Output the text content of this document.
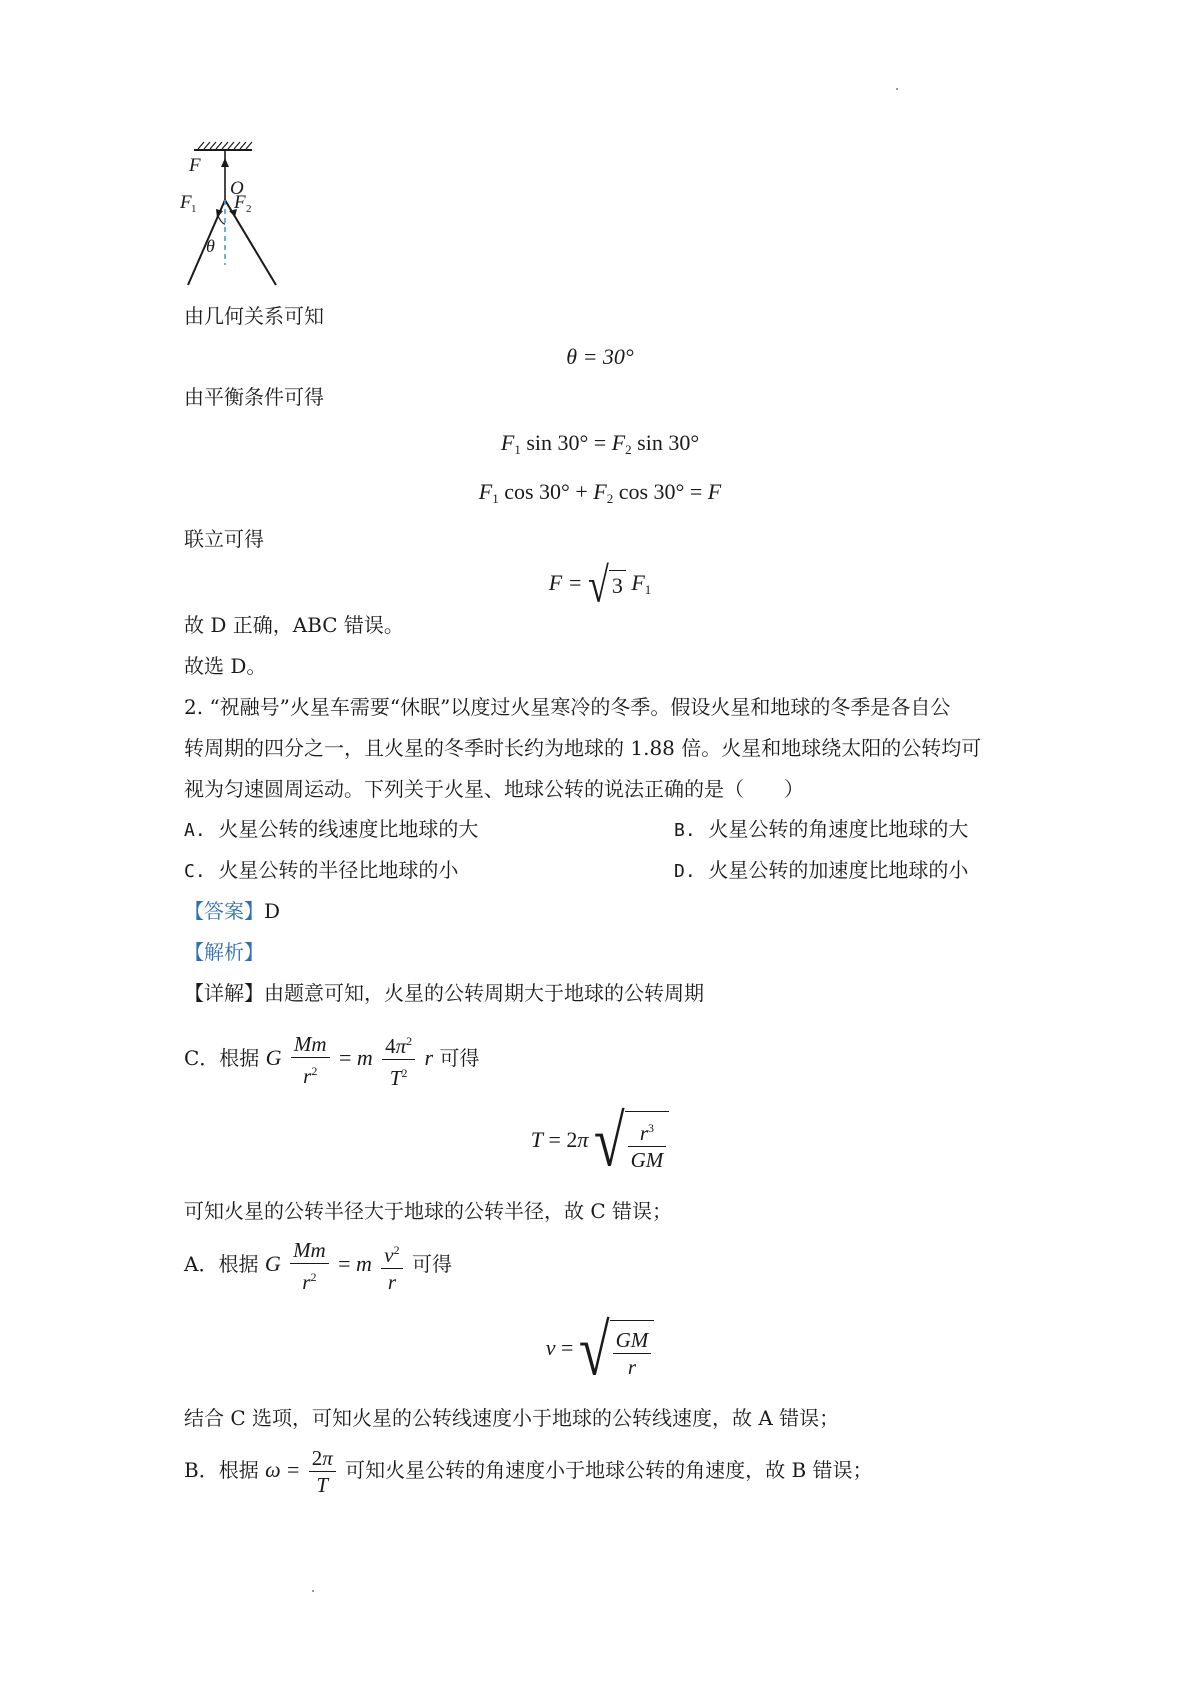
F
O
F 1 F 2
θ
由几何关系可知
θ = 30°
由平衡条件可得
$F_1$ $\sin 30^\circ = F_2$ sin 30°
$F_1$ $\cos 30^\circ + F_2$ cos 30° = F
联立可得
F = √ 3 $F_1$
故 D 正确，ABC 错误。
故选 D。
2. “祝融号”火星车需要“休眠”以度过火星寒冷的冬季。假设火星和地球的冬季是各自公
转周期的四分之一，且火星的冬季时长约为地球的 1.88 倍。火星和地球绕太阳的公转均可
视为匀速圆周运动。下列关于火星、地球公转的说法正确的是（　　）
A. 火星公转的线速度比地球的大	B. 火星公转的角速度比地球的大
C. 火星公转的半径比地球的小	D. 火星公转的加速度比地球的小
【答案】D
【解析】
【详解】由题意可知，火星的公转周期大于地球的公转周期
C．根据 G $\frac{Mm}{r^2} = m \frac{4\pi^2}{T^2}$ r 可得
T = 2π √ $\frac{r^3}{GM}$
可知火星的公转半径大于地球的公转半径，故 C 错误；
A．根据 G $\frac{Mm}{r^2} = m \frac{v^2}{r}$ 可得
v = √ $\frac{GM}{r}$
结合 C 选项，可知火星的公转线速度小于地球的公转线速度，故 A 错误；
B．根据 $\omega = \frac{2\pi}{T}$ 可知火星公转的角速度小于地球公转的角速度，故 B 错误；
